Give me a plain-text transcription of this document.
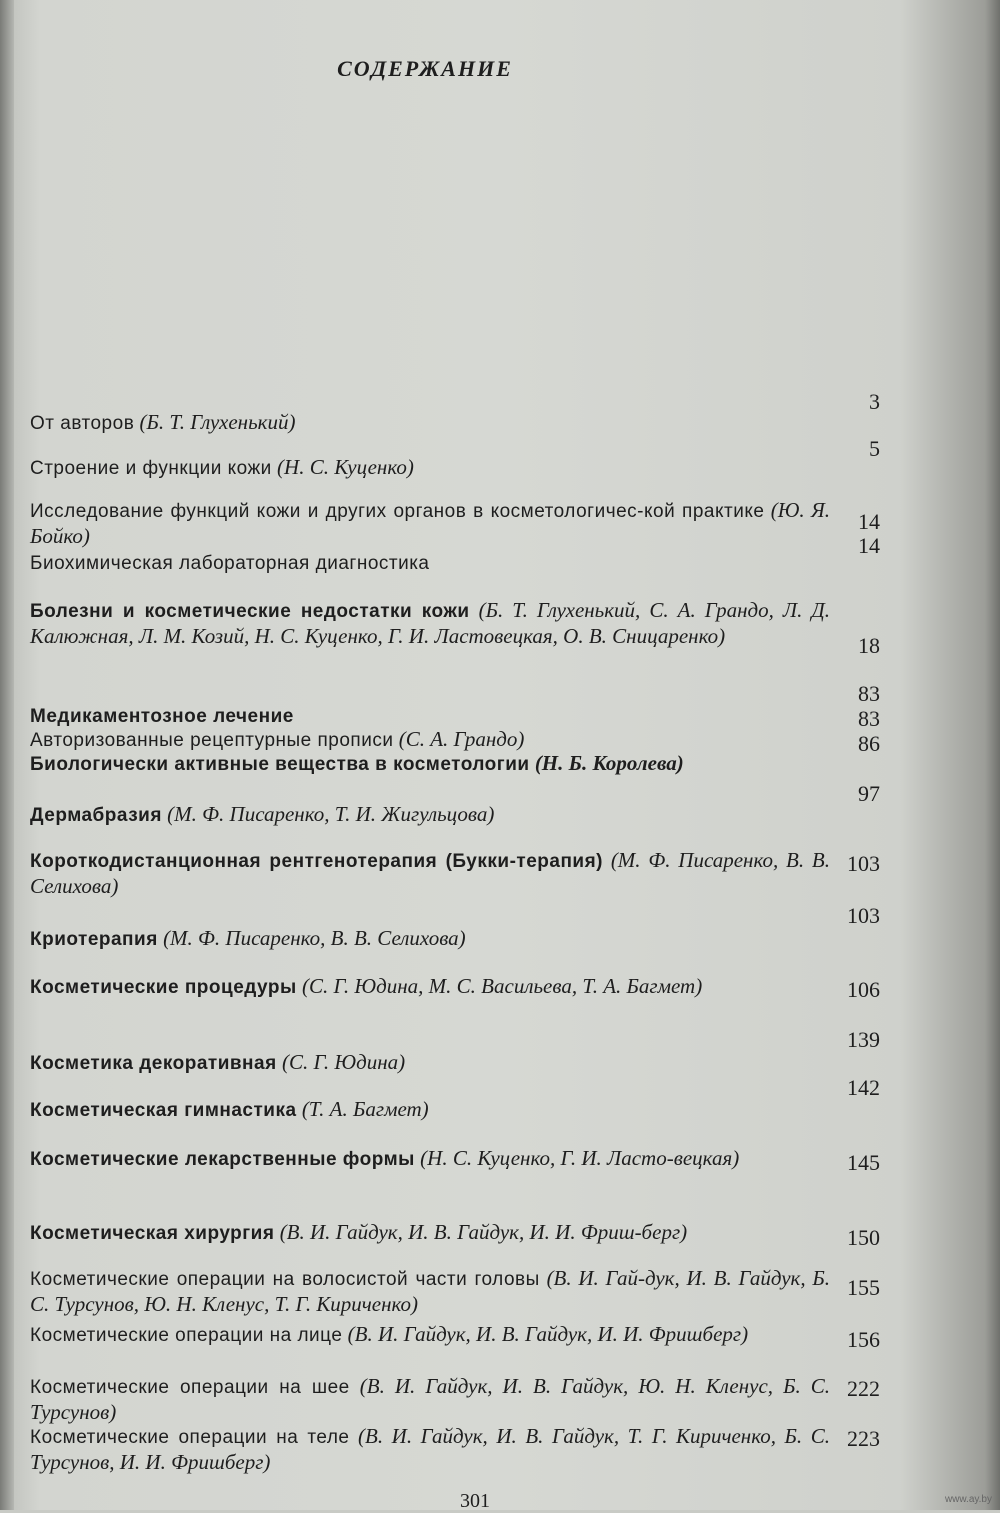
СОДЕРЖАНИЕ
От авторов (Б. Т. Глухенький)
3
Строение и функции кожи (Н. С. Куценко)
5
Исследование функций кожи и других органов в косметологичес-кой практике (Ю. Я. Бойко)
14
Биохимическая лабораторная диагностика
14
Болезни и косметические недостатки кожи (Б. Т. Глухенький, С. А. Грандо, Л. Д. Калюжная, Л. М. Козий, Н. С. Куценко, Г. И. Ластовецкая, О. В. Сницаренко)	18
Медикаментозное лечение
83
Авторизованные рецептурные прописи (С. А. Грандо)
83
Биологически активные вещества в косметологии (Н. Б. Королева)
86
Дермабразия (М. Ф. Писаренко, Т. И. Жигульцова)
97
Короткодистанционная рентгенотерапия (Букки-терапия) (М. Ф. Писаренко, В. В. Селихова)
103
Криотерапия (М. Ф. Писаренко, В. В. Селихова)
103
Косметические процедуры (С. Г. Юдина, М. С. Васильева, Т. А. Багмет)	106
Косметика декоративная (С. Г. Юдина)
139
Косметическая гимнастика (Т. А. Багмет)
142
Косметические лекарственные формы (Н. С. Куценко, Г. И. Ласто-вецкая)	145
Косметическая хирургия (В. И. Гайдук, И. В. Гайдук, И. И. Фриш-берг)	150
Косметические операции на волосистой части головы (В. И. Гай-дук, И. В. Гайдук, Б. С. Турсунов, Ю. Н. Кленус, Т. Г. Кириченко)
155
Косметические операции на лице (В. И. Гайдук, И. В. Гайдук, И. И. Фришберг)	156
Косметические операции на шее (В. И. Гайдук, И. В. Гайдук, Ю. Н. Кленус, Б. С. Турсунов)
222
Косметические операции на теле (В. И. Гайдук, И. В. Гайдук, Т. Г. Кириченко, Б. С. Турсунов, И. И. Фришберг)
223
301	www.ay.by
